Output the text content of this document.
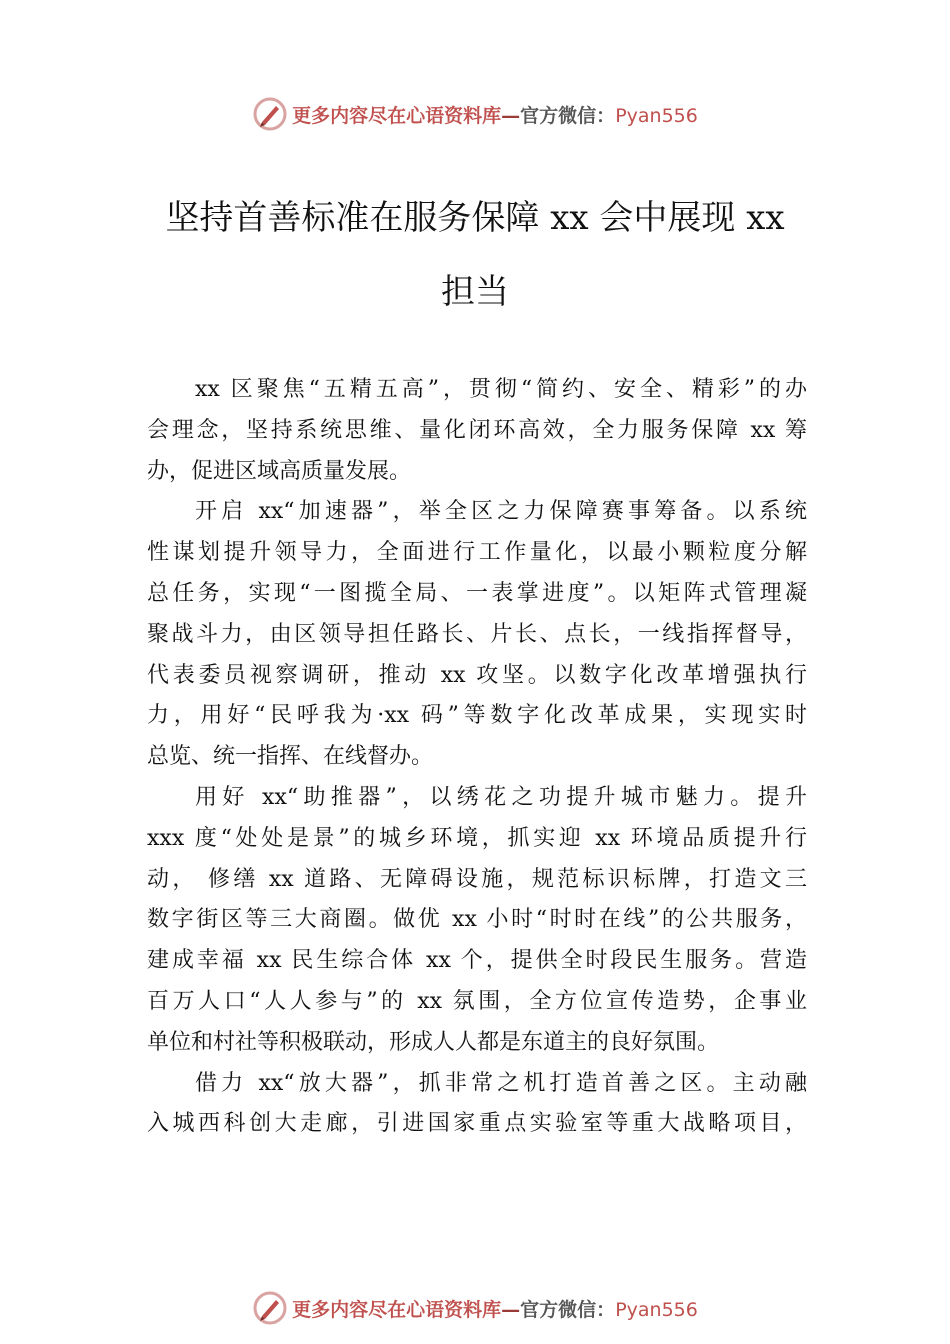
更多内容尽在心语资料库—官方微信：Pyan556
坚持首善标准在服务保障 xx 会中展现 xx
担当
xx 区聚焦“五精五高”，贯彻“简约、安全、精彩”的办
会理念，坚持系统思维、量化闭环高效，全力服务保障 xx 筹
办，促进区域高质量发展。
开启 xx“加速器”，举全区之力保障赛事筹备。以系统
性谋划提升领导力，全面进行工作量化，以最小颗粒度分解
总任务，实现“一图揽全局、一表掌进度”。以矩阵式管理凝
聚战斗力，由区领导担任路长、片长、点长，一线指挥督导，
代表委员视察调研，推动 xx 攻坚。以数字化改革增强执行
力，用好“民呼我为·xx 码”等数字化改革成果，实现实时
总览、统一指挥、在线督办。
用好 xx“助推器”，以绣花之功提升城市魅力。提升
xxx 度“处处是景”的城乡环境，抓实迎 xx 环境品质提升行
动， 修缮 xx 道路、无障碍设施，规范标识标牌，打造文三
数字街区等三大商圈。做优 xx 小时“时时在线”的公共服务，
建成幸福 xx 民生综合体 xx 个，提供全时段民生服务。营造
百万人口“人人参与”的 xx 氛围，全方位宣传造势，企事业
单位和村社等积极联动，形成人人都是东道主的良好氛围。
借力 xx“放大器”，抓非常之机打造首善之区。主动融
入城西科创大走廊，引进国家重点实验室等重大战略项目，
更多内容尽在心语资料库—官方微信：Pyan556
